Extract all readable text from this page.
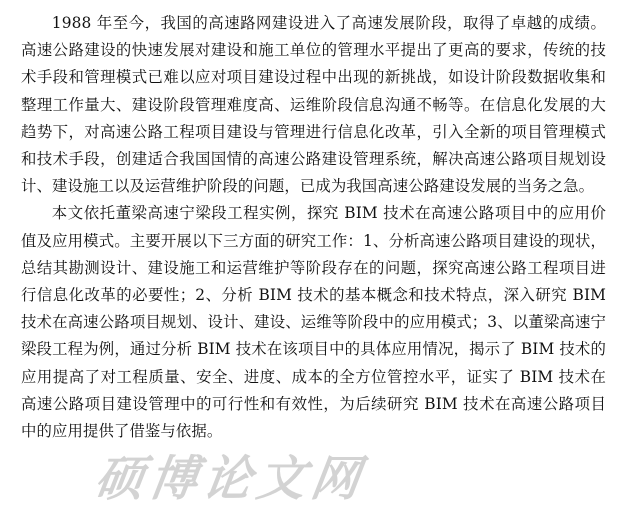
1988 年至今，我国的高速路网建设进入了高速发展阶段，取得了卓越的成绩。高速公路建设的快速发展对建设和施工单位的管理水平提出了更高的要求，传统的技术手段和管理模式已难以应对项目建设过程中出现的新挑战，如设计阶段数据收集和整理工作量大、建设阶段管理难度高、运维阶段信息沟通不畅等。在信息化发展的大趋势下，对高速公路工程项目建设与管理进行信息化改革，引入全新的项目管理模式和技术手段，创建适合我国国情的高速公路建设管理系统，解决高速公路项目规划设计、建设施工以及运营维护阶段的问题，已成为我国高速公路建设发展的当务之急。

本文依托董梁高速宁梁段工程实例，探究 BIM 技术在高速公路项目中的应用价值及应用模式。主要开展以下三方面的研究工作：1、分析高速公路项目建设的现状，总结其勘测设计、建设施工和运营维护等阶段存在的问题，探究高速公路工程项目进行信息化改革的必要性；2、分析 BIM 技术的基本概念和技术特点，深入研究 BIM 技术在高速公路项目规划、设计、建设、运维等阶段中的应用模式；3、以董梁高速宁梁段工程为例，通过分析 BIM 技术在该项目中的具体应用情况，揭示了 BIM 技术的应用提高了对工程质量、安全、进度、成本的全方位管控水平，证实了 BIM 技术在高速公路项目建设管理中的可行性和有效性，为后续研究 BIM 技术在高速公路项目中的应用提供了借鉴与依据。

硕博论文网
